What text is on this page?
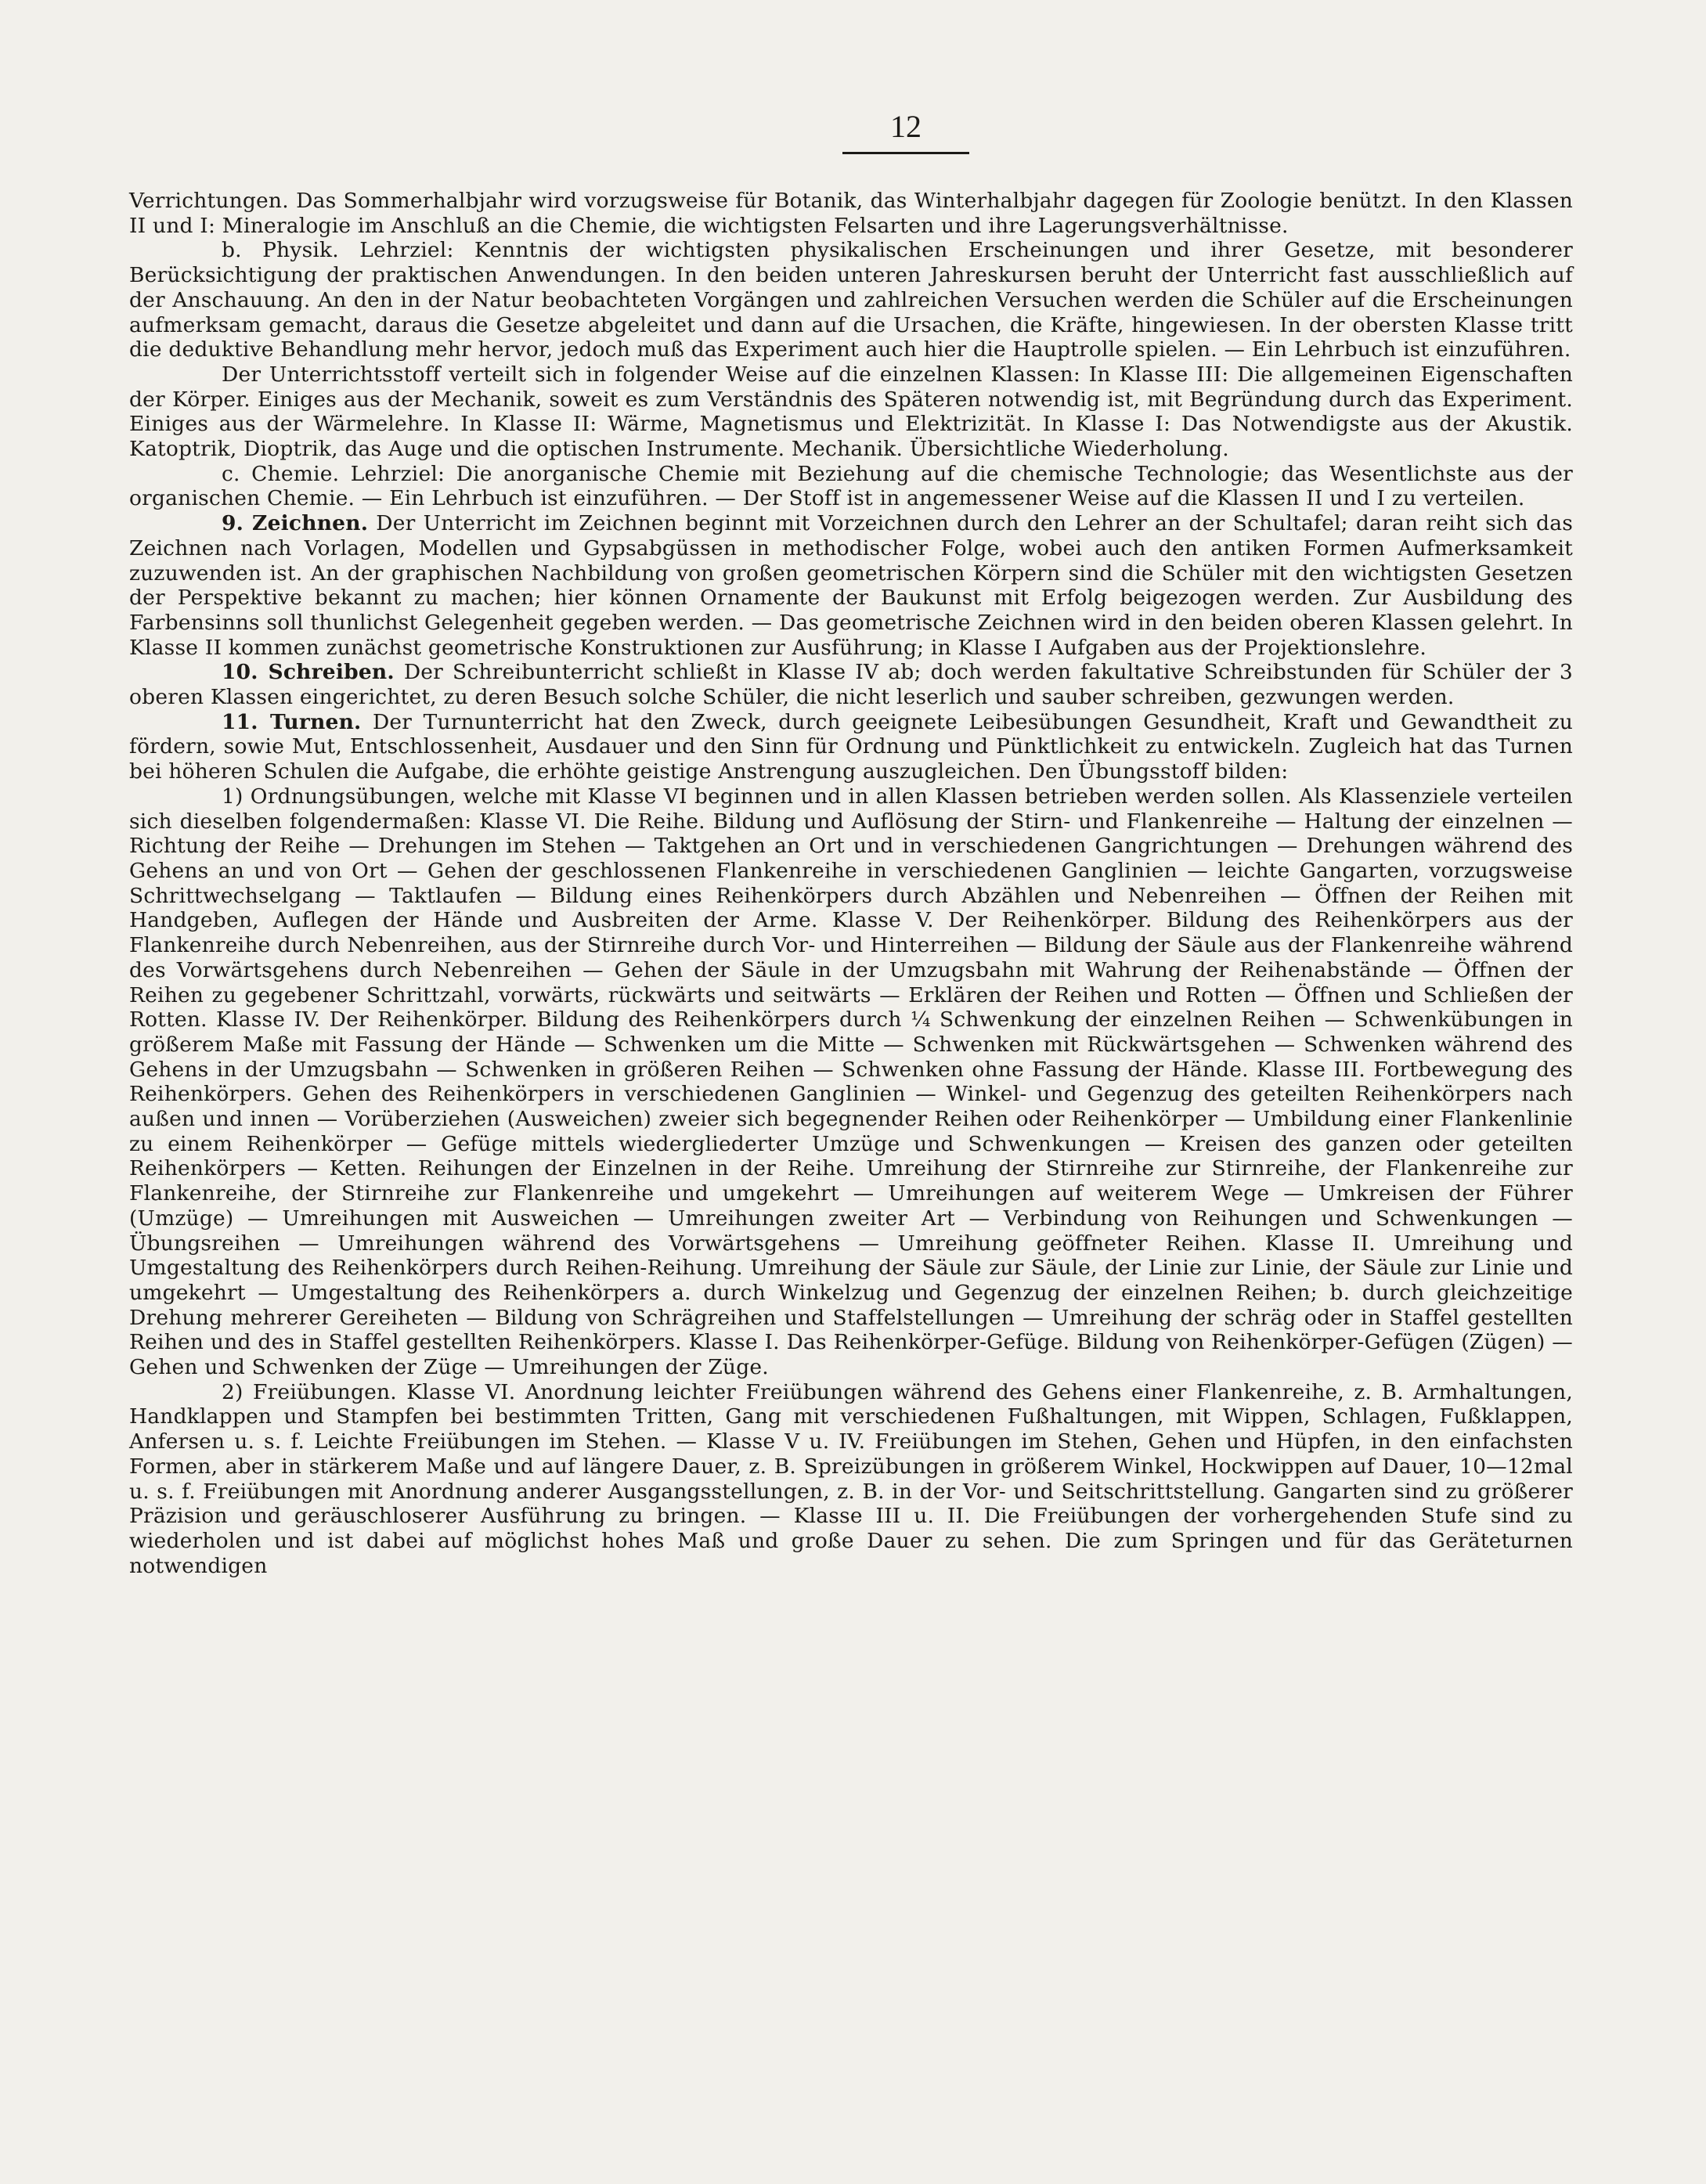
12

Verrichtungen. Das Sommerhalbjahr wird vorzugsweise für Botanik, das Winterhalbjahr dagegen für Zoologie benützt. In den Klassen II und I: Mineralogie im Anschluß an die Chemie, die wichtigsten Felsarten und ihre Lagerungsverhältnisse.

b. Physik. Lehrziel: Kenntnis der wichtigsten physikalischen Erscheinungen und ihrer Gesetze, mit besonderer Berücksichtigung der praktischen Anwendungen. In den beiden unteren Jahreskursen beruht der Unterricht fast ausschließlich auf der Anschauung. An den in der Natur beobachteten Vorgängen und zahlreichen Versuchen werden die Schüler auf die Erscheinungen aufmerksam gemacht, daraus die Gesetze abgeleitet und dann auf die Ursachen, die Kräfte, hingewiesen. In der obersten Klasse tritt die deduktive Behandlung mehr hervor, jedoch muß das Experiment auch hier die Hauptrolle spielen. — Ein Lehrbuch ist einzuführen.

Der Unterrichtsstoff verteilt sich in folgender Weise auf die einzelnen Klassen: In Klasse III: Die allgemeinen Eigenschaften der Körper. Einiges aus der Mechanik, soweit es zum Verständnis des Späteren notwendig ist, mit Begründung durch das Experiment. Einiges aus der Wärmelehre. In Klasse II: Wärme, Magnetismus und Elektrizität. In Klasse I: Das Notwendigste aus der Akustik. Katoptrik, Dioptrik, das Auge und die optischen Instrumente. Mechanik. Übersichtliche Wiederholung.

c. Chemie. Lehrziel: Die anorganische Chemie mit Beziehung auf die chemische Technologie; das Wesentlichste aus der organischen Chemie. — Ein Lehrbuch ist einzuführen. — Der Stoff ist in angemessener Weise auf die Klassen II und I zu verteilen.

9. Zeichnen. Der Unterricht im Zeichnen beginnt mit Vorzeichnen durch den Lehrer an der Schultafel; daran reiht sich das Zeichnen nach Vorlagen, Modellen und Gypsabgüssen in methodischer Folge, wobei auch den antiken Formen Aufmerksamkeit zuzuwenden ist. An der graphischen Nachbildung von großen geometrischen Körpern sind die Schüler mit den wichtigsten Gesetzen der Perspektive bekannt zu machen; hier können Ornamente der Baukunst mit Erfolg beigezogen werden. Zur Ausbildung des Farbensinns soll thunlichst Gelegenheit gegeben werden. — Das geometrische Zeichnen wird in den beiden oberen Klassen gelehrt. In Klasse II kommen zunächst geometrische Konstruktionen zur Ausführung; in Klasse I Aufgaben aus der Projektionslehre.

10. Schreiben. Der Schreibunterricht schließt in Klasse IV ab; doch werden fakultative Schreibstunden für Schüler der 3 oberen Klassen eingerichtet, zu deren Besuch solche Schüler, die nicht leserlich und sauber schreiben, gezwungen werden.

11. Turnen. Der Turnunterricht hat den Zweck, durch geeignete Leibesübungen Gesundheit, Kraft und Gewandtheit zu fördern, sowie Mut, Entschlossenheit, Ausdauer und den Sinn für Ordnung und Pünktlichkeit zu entwickeln. Zugleich hat das Turnen bei höheren Schulen die Aufgabe, die erhöhte geistige Anstrengung auszugleichen. Den Übungsstoff bilden:

1) Ordnungsübungen, welche mit Klasse VI beginnen und in allen Klassen betrieben werden sollen. Als Klassenziele verteilen sich dieselben folgendermaßen: Klasse VI. Die Reihe. Bildung und Auflösung der Stirn- und Flankenreihe — Haltung der einzelnen — Richtung der Reihe — Drehungen im Stehen — Taktgehen an Ort und in verschiedenen Gangrichtungen — Drehungen während des Gehens an und von Ort — Gehen der geschlossenen Flankenreihe in verschiedenen Ganglinien — leichte Gangarten, vorzugsweise Schrittwechselgang — Taktlaufen — Bildung eines Reihenkörpers durch Abzählen und Nebenreihen — Öffnen der Reihen mit Handgeben, Auflegen der Hände und Ausbreiten der Arme. Klasse V. Der Reihenkörper. Bildung des Reihenkörpers aus der Flankenreihe durch Nebenreihen, aus der Stirnreihe durch Vor- und Hinterreihen — Bildung der Säule aus der Flankenreihe während des Vorwärtsgehens durch Nebenreihen — Gehen der Säule in der Umzugsbahn mit Wahrung der Reihenabstände — Öffnen der Reihen zu gegebener Schrittzahl, vorwärts, rückwärts und seitwärts — Erklären der Reihen und Rotten — Öffnen und Schließen der Rotten. Klasse IV. Der Reihenkörper. Bildung des Reihenkörpers durch ¼ Schwenkung der einzelnen Reihen — Schwenkübungen in größerem Maße mit Fassung der Hände — Schwenken um die Mitte — Schwenken mit Rückwärtsgehen — Schwenken während des Gehens in der Umzugsbahn — Schwenken in größeren Reihen — Schwenken ohne Fassung der Hände. Klasse III. Fortbewegung des Reihenkörpers. Gehen des Reihenkörpers in verschiedenen Ganglinien — Winkel- und Gegenzug des geteilten Reihenkörpers nach außen und innen — Vorüberziehen (Ausweichen) zweier sich begegnender Reihen oder Reihenkörper — Umbildung einer Flankenlinie zu einem Reihenkörper — Gefüge mittels wiedergliederter Umzüge und Schwenkungen — Kreisen des ganzen oder geteilten Reihenkörpers — Ketten. Reihungen der Einzelnen in der Reihe. Umreihung der Stirnreihe zur Stirnreihe, der Flankenreihe zur Flankenreihe, der Stirnreihe zur Flankenreihe und umgekehrt — Umreihungen auf weiterem Wege — Umkreisen der Führer (Umzüge) — Umreihungen mit Ausweichen — Umreihungen zweiter Art — Verbindung von Reihungen und Schwenkungen — Übungsreihen — Umreihungen während des Vorwärtsgehens — Umreihung geöffneter Reihen. Klasse II. Umreihung und Umgestaltung des Reihenkörpers durch Reihen-Reihung. Umreihung der Säule zur Säule, der Linie zur Linie, der Säule zur Linie und umgekehrt — Umgestaltung des Reihenkörpers a. durch Winkelzug und Gegenzug der einzelnen Reihen; b. durch gleichzeitige Drehung mehrerer Gereiheten — Bildung von Schrägreihen und Staffelstellungen — Umreihung der schräg oder in Staffel gestellten Reihen und des in Staffel gestellten Reihenkörpers. Klasse I. Das Reihenkörper-Gefüge. Bildung von Reihenkörper-Gefügen (Zügen) — Gehen und Schwenken der Züge — Umreihungen der Züge.

2) Freiübungen. Klasse VI. Anordnung leichter Freiübungen während des Gehens einer Flankenreihe, z. B. Armhaltungen, Handklappen und Stampfen bei bestimmten Tritten, Gang mit verschiedenen Fußhaltungen, mit Wippen, Schlagen, Fußklappen, Anfersen u. s. f. Leichte Freiübungen im Stehen. — Klasse V u. IV. Freiübungen im Stehen, Gehen und Hüpfen, in den einfachsten Formen, aber in stärkerem Maße und auf längere Dauer, z. B. Spreizübungen in größerem Winkel, Hockwippen auf Dauer, 10—12mal u. s. f. Freiübungen mit Anordnung anderer Ausgangsstellungen, z. B. in der Vor- und Seitschrittstellung. Gangarten sind zu größerer Präzision und geräuschloserer Ausführung zu bringen. — Klasse III u. II. Die Freiübungen der vorhergehenden Stufe sind zu wiederholen und ist dabei auf möglichst hohes Maß und große Dauer zu sehen. Die zum Springen und für das Geräteturnen notwendigen
